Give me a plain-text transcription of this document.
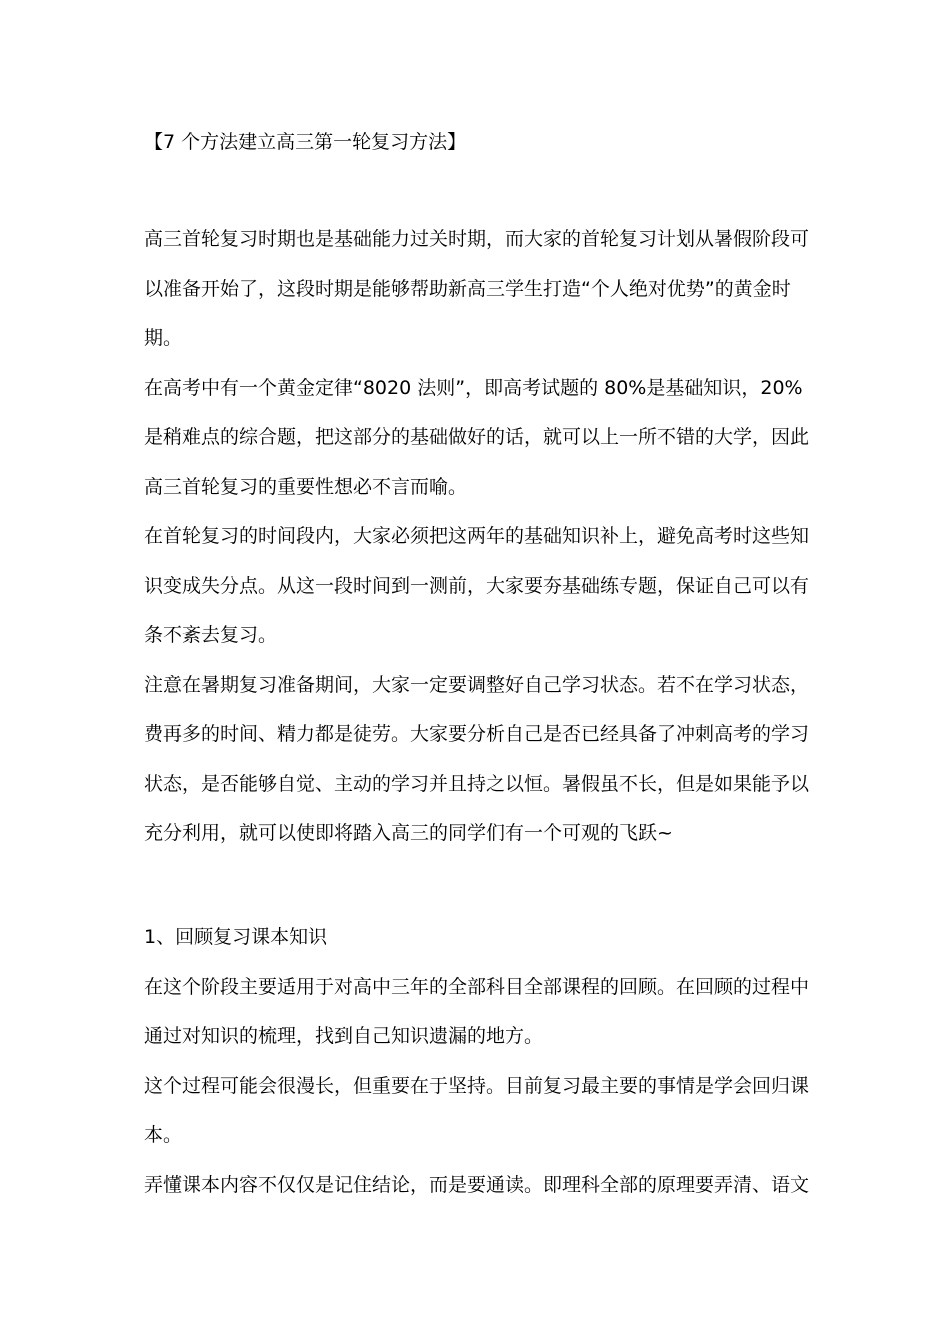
【7 个方法建立高三第一轮复习方法】
高三首轮复习时期也是基础能力过关时期，而大家的首轮复习计划从暑假阶段可
以准备开始了，这段时期是能够帮助新高三学生打造“个人绝对优势”的黄金时
期。
在高考中有一个黄金定律“8020 法则”，即高考试题的 80%是基础知识，20%
是稍难点的综合题，把这部分的基础做好的话，就可以上一所不错的大学，因此
高三首轮复习的重要性想必不言而喻。
在首轮复习的时间段内，大家必须把这两年的基础知识补上，避免高考时这些知
识变成失分点。从这一段时间到一测前，大家要夯基础练专题，保证自己可以有
条不紊去复习。
注意在暑期复习准备期间，大家一定要调整好自己学习状态。若不在学习状态，
费再多的时间、精力都是徒劳。大家要分析自己是否已经具备了冲刺高考的学习
状态，是否能够自觉、主动的学习并且持之以恒。暑假虽不长，但是如果能予以
充分利用，就可以使即将踏入高三的同学们有一个可观的飞跃~
1、回顾复习课本知识
在这个阶段主要适用于对高中三年的全部科目全部课程的回顾。在回顾的过程中
通过对知识的梳理，找到自己知识遗漏的地方。
这个过程可能会很漫长，但重要在于坚持。目前复习最主要的事情是学会回归课
本。
弄懂课本内容不仅仅是记住结论，而是要通读。即理科全部的原理要弄清、语文
